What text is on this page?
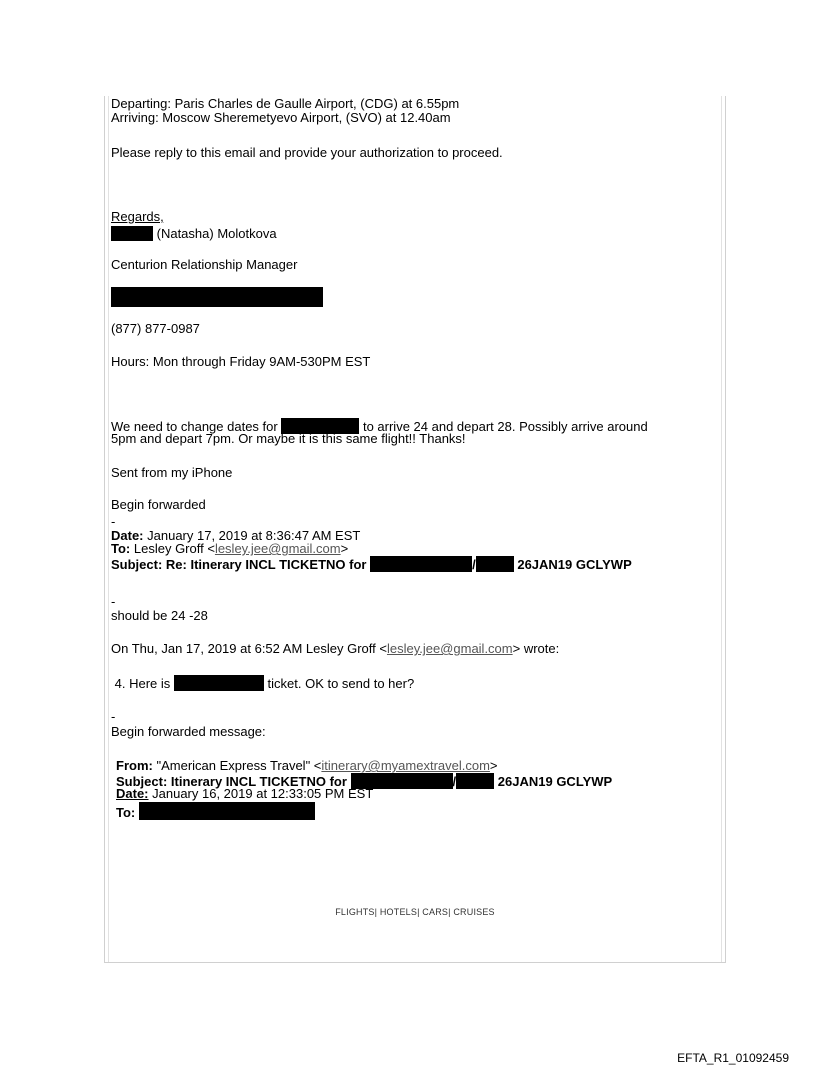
Departing: Paris Charles de Gaulle Airport, (CDG) at 6.55pm
Arriving: Moscow Sheremetyevo Airport, (SVO) at 12.40am
Please reply to this email and provide your authorization to proceed.
Regards,
(Natasha) Molotkova
Centurion Relationship Manager
(877) 877-0987
Hours: Mon through Friday 9AM-530PM EST
We need to change dates for	to arrive 24 and depart 28. Possibly arrive around
5pm and depart 7pm. Or maybe it is this same flight!! Thanks!
Sent from my iPhone
Begin forwarded
-
Date: January 17, 2019 at 8:36:47 AM EST
To: Lesley Groff <lesley.jee@gmail.com>
Subject: Re: Itinerary INCL TICKETNO for	/	26JAN19 GCLYWP
-
should be 24 -28
On Thu, Jan 17, 2019 at 6:52 AM Lesley Groff <lesley.jee@gmail.com> wrote:
4. Here is	ticket. OK to send to her?
-
Begin forwarded message:
From: "American Express Travel" <itinerary@myamextravel.com>
Subject: Itinerary INCL TICKETNO for	/	26JAN19 GCLYWP
Date: January 16, 2019 at 12:33:05 PM EST
To:
FLIGHTS| HOTELS| CARS| CRUISES
EFTA_R1_01092459
